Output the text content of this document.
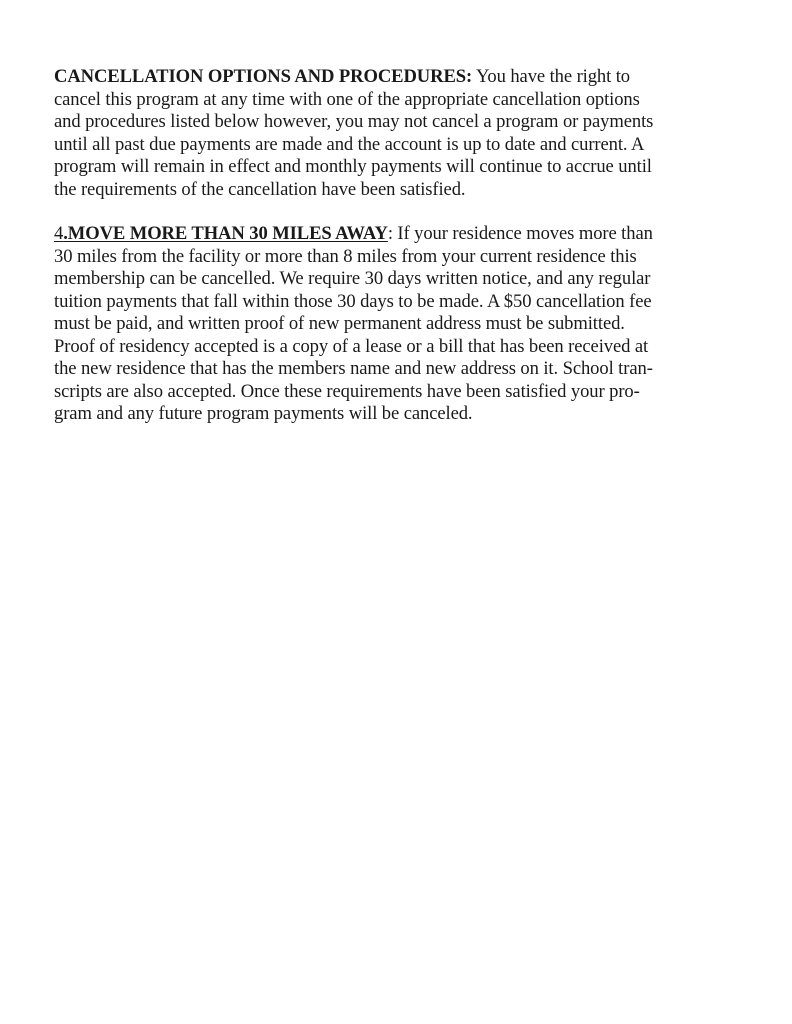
CANCELLATION OPTIONS AND PROCEDURES: You have the right to
cancel this program at any time with one of the appropriate cancellation options
and procedures listed below however, you may not cancel a program or payments
until all past due payments are made and the account is up to date and current. A
program will remain in effect and monthly payments will continue to accrue until
the requirements of the cancellation have been satisfied.

4.MOVE MORE THAN 30 MILES AWAY: If your residence moves more than
30 miles from the facility or more than 8 miles from your current residence this
membership can be cancelled. We require 30 days written notice, and any regular
tuition payments that fall within those 30 days to be made. A $50 cancellation fee
must be paid, and written proof of new permanent address must be submitted.
Proof of residency accepted is a copy of a lease or a bill that has been received at
the new residence that has the members name and new address on it. School tran-
scripts are also accepted. Once these requirements have been satisfied your pro-
gram and any future program payments will be canceled.
